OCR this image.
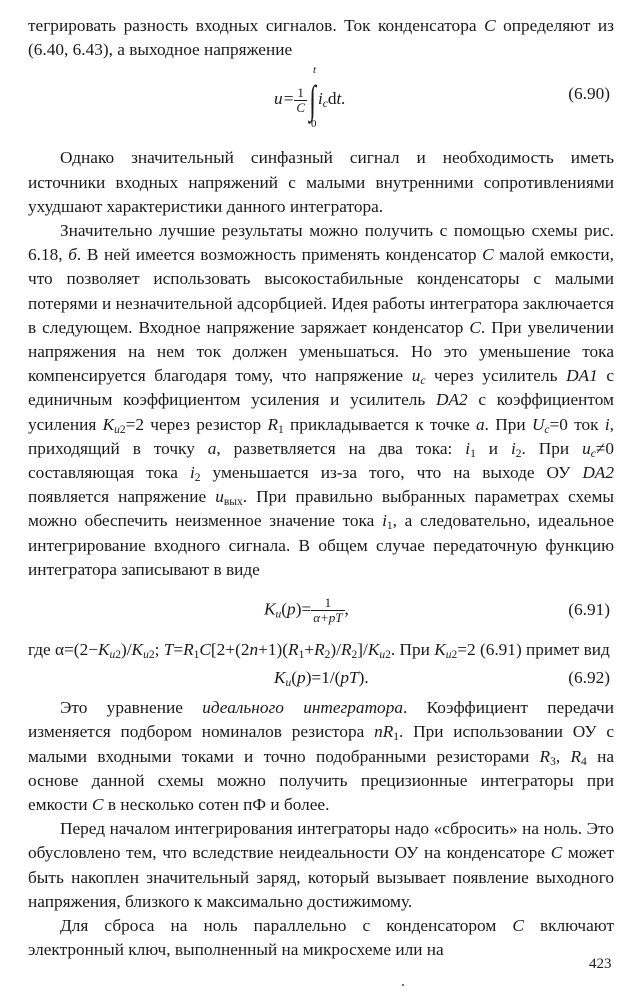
тегрировать разность входных сигналов. Ток конденсатора C определяют из (6.40, 6.43), а выходное напряжение

$u= \frac{1}{C}$ ∫ $i_cdt$.
t
0
(6.90)

Однако значительный синфазный сигнал и необходимость иметь источники входных напряжений с малыми внутренними сопротивлениями ухудшают характеристики данного интегратора.

Значительно лучшие результаты можно получить с помощью схемы рис. 6.18, б. В ней имеется возможность применять конденсатор C малой емкости, что позволяет использовать высокостабильные конденсаторы с малыми потерями и незначительной адсорбцией. Идея работы интегратора заключается в следующем. Входное напряжение заряжает конденсатор C. При увеличении напряжения на нем ток должен уменьшаться. Но это уменьшение тока компенсируется благодаря тому, что напряжение $u_c$ через усилитель DA1 с единичным коэффициентом усиления и усилитель DA2 с коэффициентом усиления $K_{u2}=2$ через резистор $R_1$ прикладывается к точке a. При $U_c=0$ ток i, приходящий в точку a, разветвляется на два тока: $i_1$ и $i_2$. При $u_c\ne 0$ составляющая тока $i_2$ уменьшается из-за того, что на выходе ОУ DA2 появляется напряжение $u_{вых}$. При правильно выбранных параметрах схемы можно обеспечить неизменное значение тока $i_1$, а следовательно, идеальное интегрирование входного сигнала. В общем случае передаточную функцию интегратора записывают в виде

$K_u(p)= \frac{1}{\alpha+pT}$ ,	(6.91)

где $\alpha=(2-K_{u2})/K_{u2}$; $T=R_1C[2+(2n+1)(R_1+R_2)/R_2]/K_{u2}$. При $K_{u2}=2$ (6.91) примет вид

$K_u(p)=1/(pT)$.	(6.92)

Это уравнение идеального интегратора. Коэффициент передачи изменяется подбором номиналов резистора $nR_1$. При использовании ОУ с малыми входными токами и точно подобранными резисторами $R_3$, $R_4$ на основе данной схемы можно получить прецизионные интеграторы при емкости C в несколько сотен пФ и более.

Перед началом интегрирования интеграторы надо «сбросить» на ноль. Это обусловлено тем, что вследствие неидеальности ОУ на конденсаторе C может быть накоплен значительный заряд, который вызывает появление выходного напряжения, близкого к максимально достижимому.

Для сброса на ноль параллельно с конденсатором C включают электронный ключ, выполненный на микросхеме или на

423
